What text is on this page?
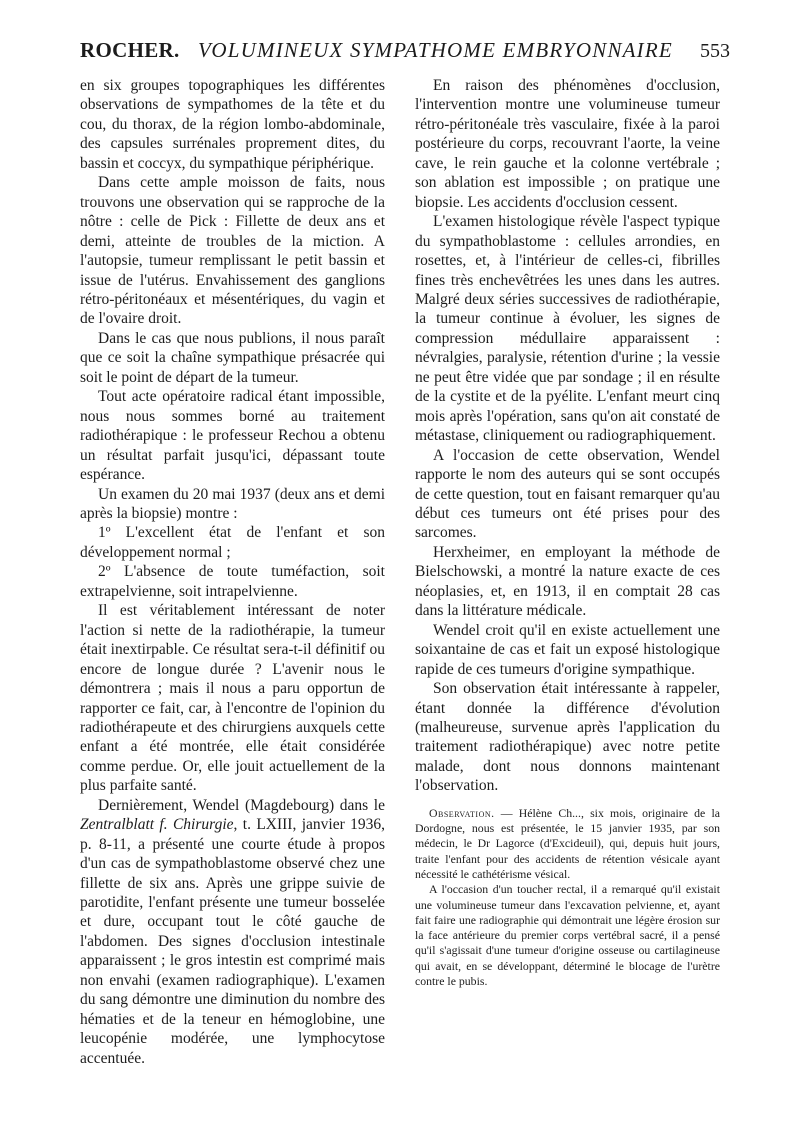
ROCHER. VOLUMINEUX SYMPATHOME EMBRYONNAIRE 553

en six groupes topographiques les différentes observations de sympathomes de la tête et du cou, du thorax, de la région lombo-abdominale, des capsules surrénales proprement dites, du bassin et coccyx, du sympathique périphérique.

Dans cette ample moisson de faits, nous trouvons une observation qui se rapproche de la nôtre : celle de Pick : Fillette de deux ans et demi, atteinte de troubles de la miction. A l'autopsie, tumeur remplissant le petit bassin et issue de l'utérus. Envahissement des ganglions rétro-péritonéaux et mésentériques, du vagin et de l'ovaire droit.

Dans le cas que nous publions, il nous paraît que ce soit la chaîne sympathique présacrée qui soit le point de départ de la tumeur.

Tout acte opératoire radical étant impossible, nous nous sommes borné au traitement radiothérapique : le professeur Rechou a obtenu un résultat parfait jusqu'ici, dépassant toute espérance.

Un examen du 20 mai 1937 (deux ans et demi après la biopsie) montre :

1º L'excellent état de l'enfant et son développement normal ;

2º L'absence de toute tuméfaction, soit extrapelvienne, soit intrapelvienne.

Il est véritablement intéressant de noter l'action si nette de la radiothérapie, la tumeur était inextirpable. Ce résultat sera-t-il définitif ou encore de longue durée ? L'avenir nous le démontrera ; mais il nous a paru opportun de rapporter ce fait, car, à l'encontre de l'opinion du radiothérapeute et des chirurgiens auxquels cette enfant a été montrée, elle était considérée comme perdue. Or, elle jouit actuellement de la plus parfaite santé.

Dernièrement, Wendel (Magdebourg) dans le Zentralblatt f. Chirurgie, t. LXIII, janvier 1936, p. 8-11, a présenté une courte étude à propos d'un cas de sympathoblastome observé chez une fillette de six ans. Après une grippe suivie de parotidite, l'enfant présente une tumeur bosselée et dure, occupant tout le côté gauche de l'abdomen. Des signes d'occlusion intestinale apparaissent ; le gros intestin est comprimé mais non envahi (examen radiographique). L'examen du sang démontre une diminution du nombre des hématies et de la teneur en hémoglobine, une leucopénie modérée, une lymphocytose accentuée.

En raison des phénomènes d'occlusion, l'intervention montre une volumineuse tumeur rétro-péritonéale très vasculaire, fixée à la paroi postérieure du corps, recouvrant l'aorte, la veine cave, le rein gauche et la colonne vertébrale ; son ablation est impossible ; on pratique une biopsie. Les accidents d'occlusion cessent.

L'examen histologique révèle l'aspect typique du sympathoblastome : cellules arrondies, en rosettes, et, à l'intérieur de celles-ci, fibrilles fines très enchevêtrées les unes dans les autres. Malgré deux séries successives de radiothérapie, la tumeur continue à évoluer, les signes de compression médullaire apparaissent : névralgies, paralysie, rétention d'urine ; la vessie ne peut être vidée que par sondage ; il en résulte de la cystite et de la pyélite. L'enfant meurt cinq mois après l'opération, sans qu'on ait constaté de métastase, cliniquement ou radiographiquement.

A l'occasion de cette observation, Wendel rapporte le nom des auteurs qui se sont occupés de cette question, tout en faisant remarquer qu'au début ces tumeurs ont été prises pour des sarcomes.

Herxheimer, en employant la méthode de Bielschowski, a montré la nature exacte de ces néoplasies, et, en 1913, il en comptait 28 cas dans la littérature médicale.

Wendel croit qu'il en existe actuellement une soixantaine de cas et fait un exposé histologique rapide de ces tumeurs d'origine sympathique.

Son observation était intéressante à rappeler, étant donnée la différence d'évolution (malheureuse, survenue après l'application du traitement radiothérapique) avec notre petite malade, dont nous donnons maintenant l'observation.

Observation. — Hélène Ch..., six mois, originaire de la Dordogne, nous est présentée, le 15 janvier 1935, par son médecin, le Dr Lagorce (d'Excideuil), qui, depuis huit jours, traite l'enfant pour des accidents de rétention vésicale ayant nécessité le cathétérisme vésical.

A l'occasion d'un toucher rectal, il a remarqué qu'il existait une volumineuse tumeur dans l'excavation pelvienne, et, ayant fait faire une radiographie qui démontrait une légère érosion sur la face antérieure du premier corps vertébral sacré, il a pensé qu'il s'agissait d'une tumeur d'origine osseuse ou cartilagineuse qui avait, en se développant, déterminé le blocage de l'urètre contre le pubis.
